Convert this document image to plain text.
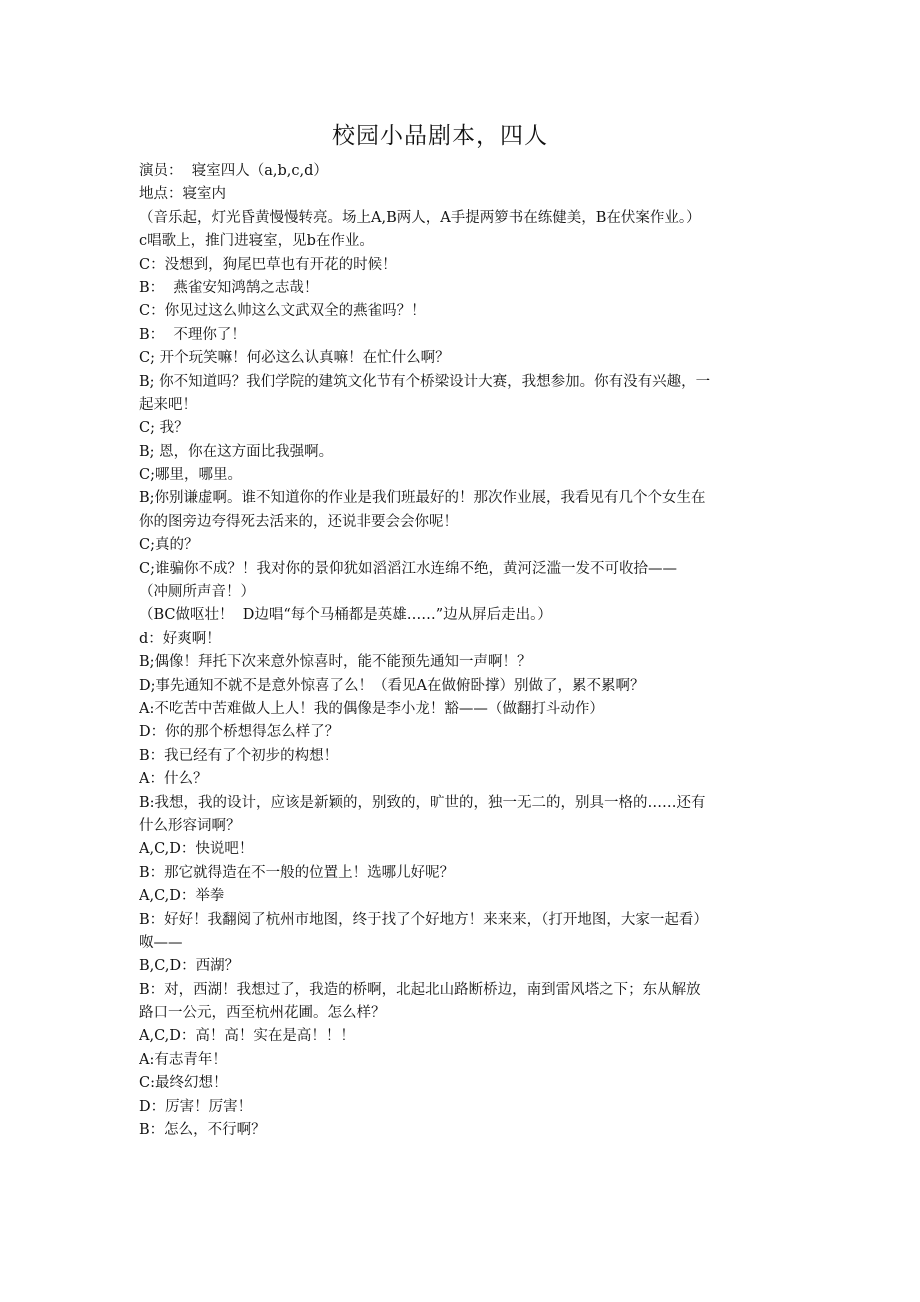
校园小品剧本，四人
演员：  寝室四人（a,b,c,d）
地点：寝室内
（音乐起，灯光昏黄慢慢转亮。场上A,B两人，A手提两箩书在练健美，B在伏案作业。）
c唱歌上，推门进寝室，见b在作业。
C：没想到，狗尾巴草也有开花的时候！
B：  燕雀安知鸿鹄之志哉！
C：你见过这么帅这么文武双全的燕雀吗？！
B：  不理你了！
C; 开个玩笑嘛！何必这么认真嘛！在忙什么啊？
B; 你不知道吗？我们学院的建筑文化节有个桥梁设计大赛，我想参加。你有没有兴趣，一
起来吧！
C; 我？
B; 恩，你在这方面比我强啊。
C;哪里，哪里。
B;你别谦虚啊。谁不知道你的作业是我们班最好的！那次作业展，我看见有几个个女生在
你的图旁边夸得死去活来的，还说非要会会你呢！
C;真的？
C;谁骗你不成？！我对你的景仰犹如滔滔江水连绵不绝，黄河泛滥一发不可收拾——
（冲厕所声音！）
（BC做呕壮！  D边唱“每个马桶都是英雄……”边从屏后走出。）
d：好爽啊！
B;偶像！拜托下次来意外惊喜时，能不能预先通知一声啊！？
D;事先通知不就不是意外惊喜了么！（看见A在做俯卧撑）别做了，累不累啊？
A:不吃苦中苦难做人上人！我的偶像是李小龙！豁——（做翻打斗动作）
D：你的那个桥想得怎么样了？
B：我已经有了个初步的构想！
A：什么？
B:我想，我的设计，应该是新颖的，别致的，旷世的，独一无二的，别具一格的……还有
什么形容词啊？
A,C,D：快说吧！
B：那它就得造在不一般的位置上！选哪儿好呢？
A,C,D：举拳
B：好好！我翻阅了杭州市地图，终于找了个好地方！来来来，（打开地图，大家一起看）
呶——
B,C,D：西湖？
B：对，西湖！我想过了，我造的桥啊，北起北山路断桥边，南到雷风塔之下；东从解放
路口一公元，西至杭州花圃。怎么样？
A,C,D：高！高！实在是高！！！
A:有志青年！
C:最终幻想！
D：厉害！厉害！
B：怎么，不行啊？
